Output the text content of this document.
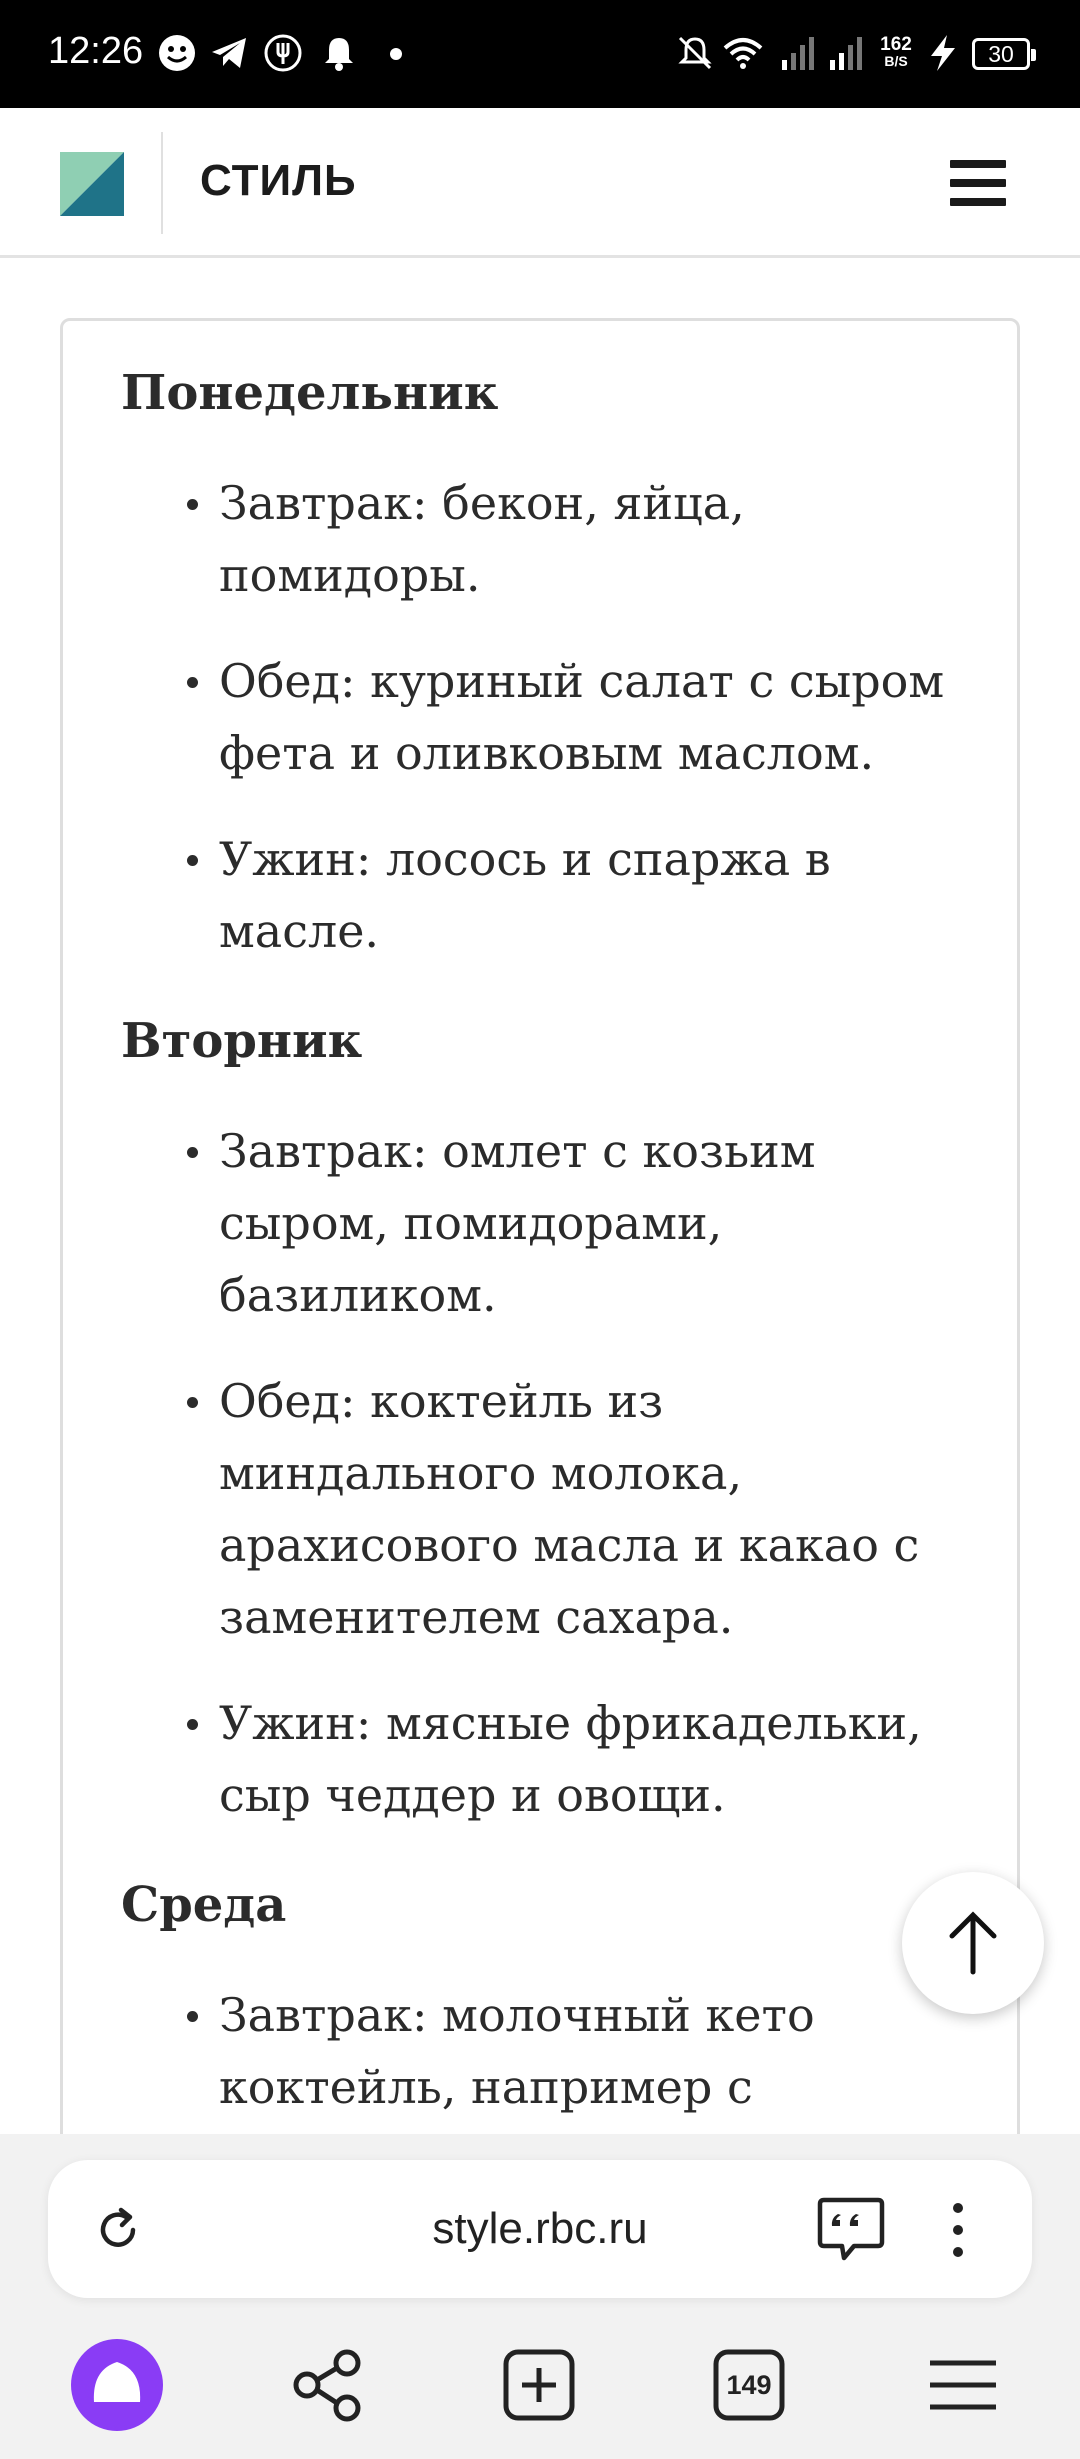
12:26	162
B/S	30
СТИЛЬ
Понедельник
Завтрак: бекон, яйца, помидоры.
Обед: куриный салат с сыром фета и оливковым маслом.
Ужин: лосось и спаржа в масле.
Вторник
Завтрак: омлет с козьим сыром, помидорами, базиликом.
Обед: коктейль из миндального молока, арахисового масла и какао с заменителем сахара.
Ужин: мясные фрикадельки, сыр чеддер и овощи.
Среда
Завтрак: молочный кето коктейль, например с
style.rbc.ru
149
